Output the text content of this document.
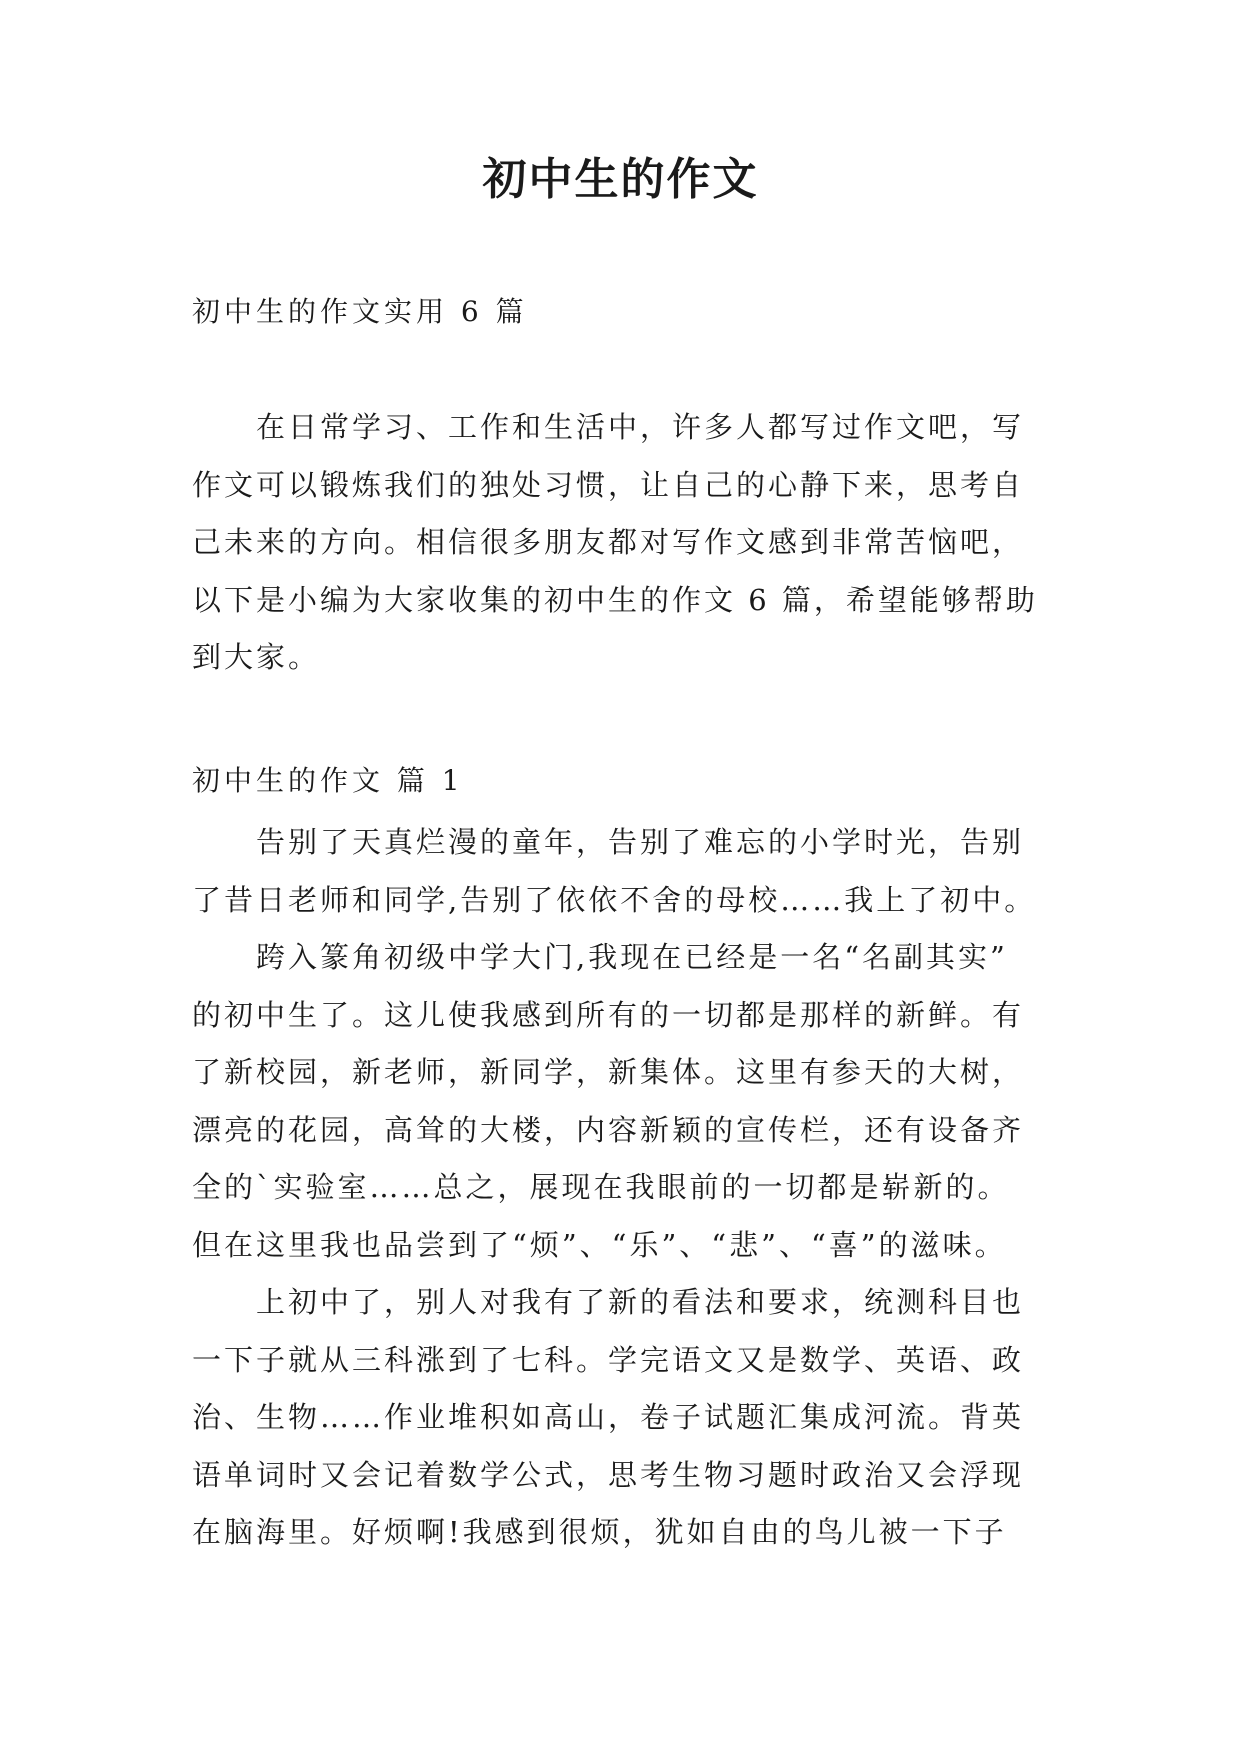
初中生的作文
初中生的作文实用 6 篇
在日常学习、工作和生活中，许多人都写过作文吧，写
作文可以锻炼我们的独处习惯，让自己的心静下来，思考自
己未来的方向。相信很多朋友都对写作文感到非常苦恼吧，
以下是小编为大家收集的初中生的作文 6 篇，希望能够帮助
到大家。
初中生的作文 篇 1
告别了天真烂漫的童年，告别了难忘的小学时光，告别
了昔日老师和同学,告别了依依不舍的母校……我上了初中。
跨入篆角初级中学大门,我现在已经是一名“名副其实”
的初中生了。这儿使我感到所有的一切都是那样的新鲜。有
了新校园，新老师，新同学，新集体。这里有参天的大树，
漂亮的花园，高耸的大楼，内容新颖的宣传栏，还有设备齐
全的`实验室……总之，展现在我眼前的一切都是崭新的。
但在这里我也品尝到了“烦”、“乐”、“悲”、“喜”的滋味。
上初中了，别人对我有了新的看法和要求，统测科目也
一下子就从三科涨到了七科。学完语文又是数学、英语、政
治、生物……作业堆积如高山，卷子试题汇集成河流。背英
语单词时又会记着数学公式，思考生物习题时政治又会浮现
在脑海里。好烦啊!我感到很烦，犹如自由的鸟儿被一下子
